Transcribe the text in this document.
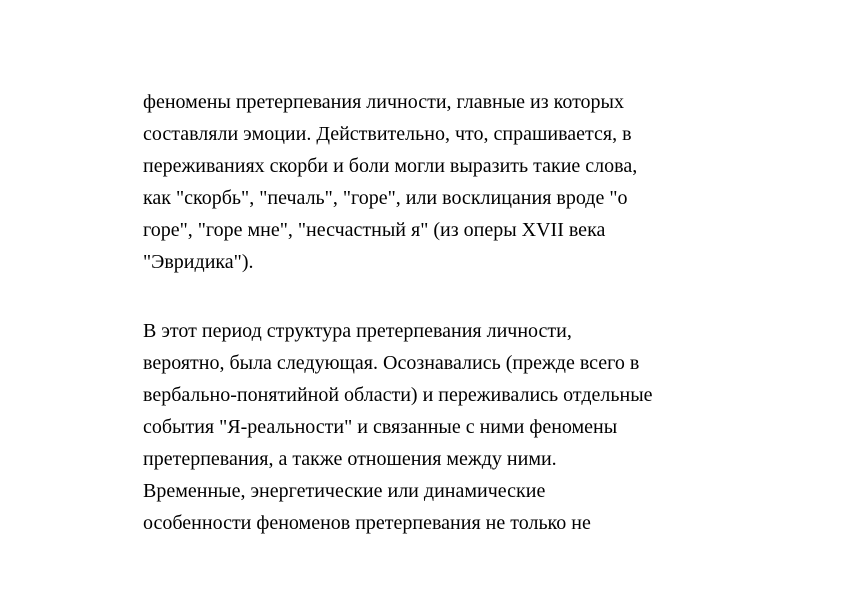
феномены претерпевания личности, главные из которых
составляли эмоции. Действительно, что, спрашивается, в
переживаниях скорби и боли могли выразить такие слова,
как "скорбь", "печаль", "горе", или восклицания вроде "о
горе", "горе мне", "несчастный я" (из оперы XVII века
"Эвридика").

В этот период структура претерпевания личности,
вероятно, была следующая. Осознавались (прежде всего в
вербально-понятийной области) и переживались отдельные
события "Я-реальности" и связанные с ними феномены
претерпевания, а также отношения между ними.
Временные, энергетические или динамические
особенности феноменов претерпевания не только не
